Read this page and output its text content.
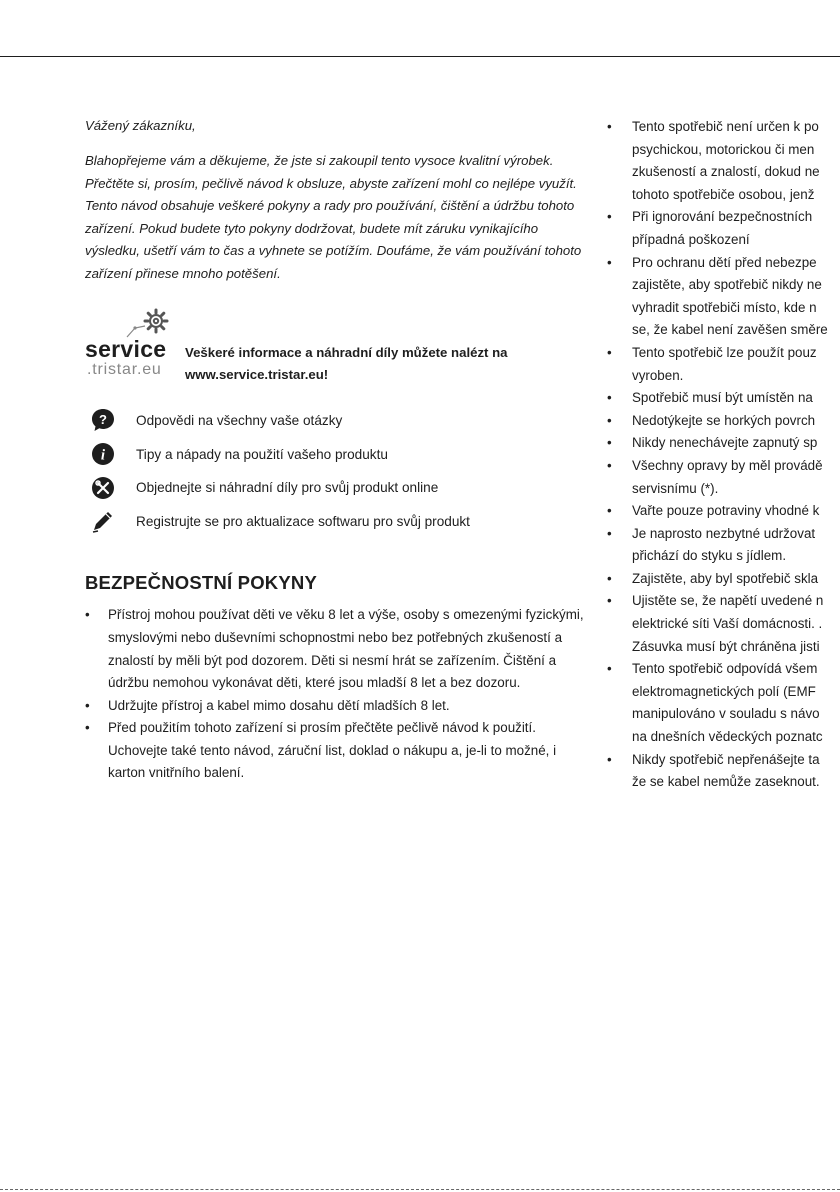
Vážený zákazníku,

Blahopřejeme vám a děkujeme, že jste si zakoupil tento vysoce kvalitní výrobek. Přečtěte si, prosím, pečlivě návod k obsluze, abyste zařízení mohl co nejlépe využít. Tento návod obsahuje veškeré pokyny a rady pro používání, čištění a údržbu tohoto zařízení. Pokud budete tyto pokyny dodržovat, budete mít záruku vynikajícího výsledku, ušetří vám to čas a vyhnete se potížím. Doufáme, že vám používání tohoto zařízení přinese mnoho potěšení.

service
.tristar.eu
Veškeré informace a náhradní díly můžete nalézt na
www.service.tristar.eu!
? Odpovědi na všechny vaše otázky
i Tipy a nápady na použití vašeho produktu
Objednejte si náhradní díly pro svůj produkt online
Registrujte se pro aktualizace softwaru pro svůj produkt
BEZPEČNOSTNÍ POKYNY
• Přístroj mohou používat děti ve věku 8 let a výše, osoby s omezenými fyzickými, smyslovými nebo duševními schopnostmi nebo bez potřebných zkušeností a znalostí by měli být pod dozorem. Děti si nesmí hrát se zařízením. Čištění a údržbu nemohou vykonávat děti, které jsou mladší 8 let a bez dozoru.
• Udržujte přístroj a kabel mimo dosahu dětí mladších 8 let.
• Před použitím tohoto zařízení si prosím přečtěte pečlivě návod k použití. Uchovejte také tento návod, záruční list, doklad o nákupu a, je-li to možné, i karton vnitřního balení.
• Tento spotřebič není určen k po
psychickou, motorickou či men
zkušeností a znalostí, dokud ne
tohoto spotřebiče osobou, jenž
• Při ignorování bezpečnostních
případná poškození
• Pro ochranu dětí před nebezpe
zajistěte, aby spotřebič nikdy ne
vyhradit spotřebiči místo, kde n
se, že kabel není zavěšen směre
• Tento spotřebič lze použít pouz
vyroben.
• Spotřebič musí být umístěn na
• Nedotýkejte se horkých povrch
• Nikdy nenechávejte zapnutý sp
• Všechny opravy by měl provádě
servisnímu (*).
• Vařte pouze potraviny vhodné k
• Je naprosto nezbytné udržovat
přichází do styku s jídlem.
• Zajistěte, aby byl spotřebič skla
• Ujistěte se, že napětí uvedené n
elektrické síti Vaší domácnosti. .
Zásuvka musí být chráněna jisti
• Tento spotřebič odpovídá všem
elektromagnetických polí (EMF
manipulováno v souladu s návo
na dnešních vědeckých poznatc
• Nikdy spotřebič nepřenášejte ta
že se kabel nemůže zaseknout.
